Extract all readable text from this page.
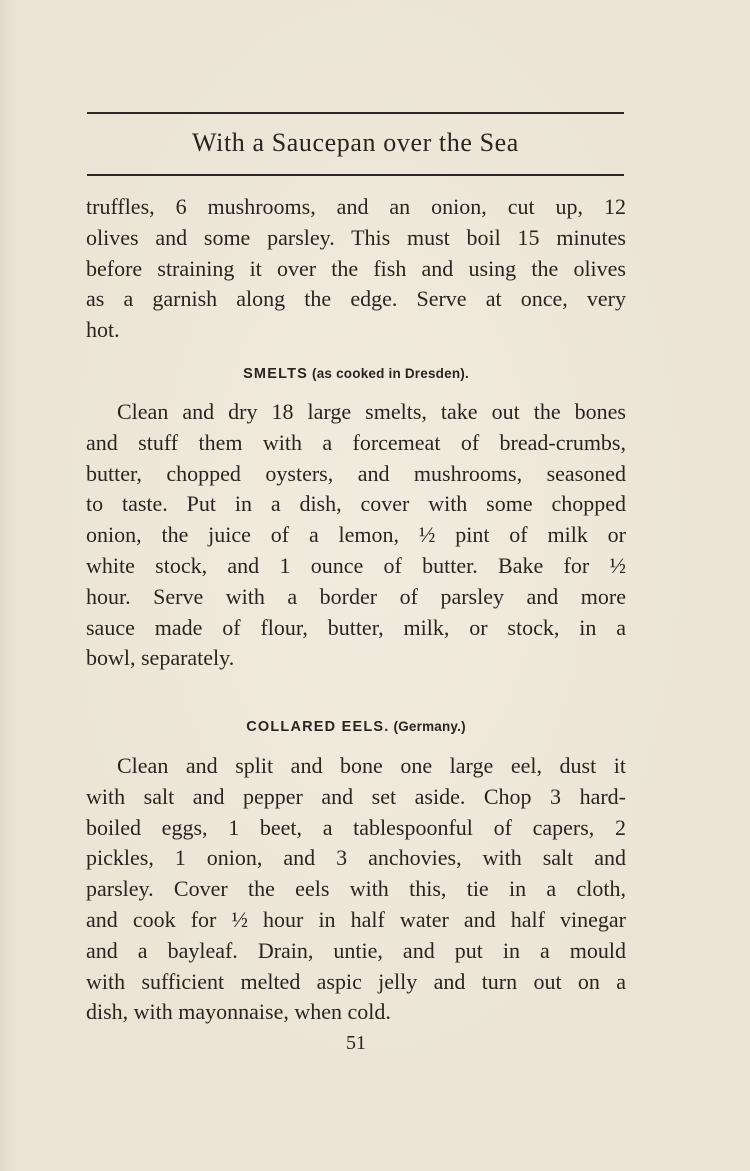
With a Saucepan over the Sea
truffles, 6 mushrooms, and an onion, cut up, 12
olives and some parsley. This must boil 15 minutes
before straining it over the fish and using the olives
as a garnish along the edge. Serve at once, very
hot.
SMELTS (as cooked in Dresden).
Clean and dry 18 large smelts, take out the bones
and stuff them with a forcemeat of bread-crumbs,
butter, chopped oysters, and mushrooms, seasoned
to taste. Put in a dish, cover with some chopped
onion, the juice of a lemon, ½ pint of milk or
white stock, and 1 ounce of butter. Bake for ½
hour. Serve with a border of parsley and more
sauce made of flour, butter, milk, or stock, in a
bowl, separately.
COLLARED EELS. (Germany.)
Clean and split and bone one large eel, dust it
with salt and pepper and set aside. Chop 3 hard-
boiled eggs, 1 beet, a tablespoonful of capers, 2
pickles, 1 onion, and 3 anchovies, with salt and
parsley. Cover the eels with this, tie in a cloth,
and cook for ½ hour in half water and half vinegar
and a bayleaf. Drain, untie, and put in a mould
with sufficient melted aspic jelly and turn out on a
dish, with mayonnaise, when cold.
51
